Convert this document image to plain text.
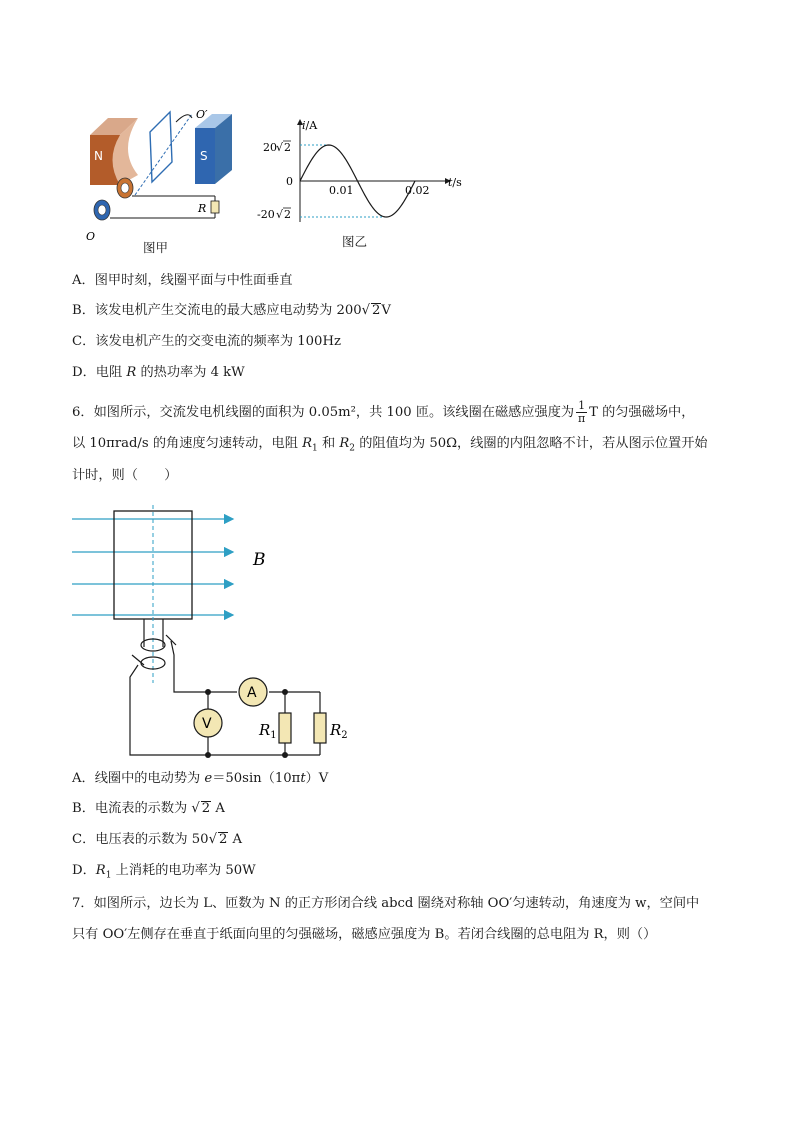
N
O′
S
R
O
图甲
i/A
t/s
0
20 √ 2
-20 √ 2
0.01	0.02
图乙
A．图甲时刻，线圈平面与中性面垂直
B．该发电机产生交流电的最大感应电动势为 200√ 2V
C．该发电机产生的交变电流的频率为 100Hz
D．电阻 R 的热功率为 4 kW
6．如图所示，交流发电机线圈的面积为 0.05m²，共 100 匝。该线圈在磁感应强度为 $\frac{1}{\pi}$ T 的匀强磁场中，
以 10πrad/s 的角速度匀速转动，电阻 $R_1$ 和 $R_2$ 的阻值均为 50Ω，线圈的内阻忽略不计，若从图示位置开始
计时，则（　　）
B
A
V	$R_1$	$R_2$
A．线圈中的电动势为 e＝50sin（10πt）V
B．电流表的示数为 √ 2 A
C．电压表的示数为 50√ 2 A
D．$R_1$ 上消耗的电功率为 50W
7．如图所示，边长为 L、匝数为 N 的正方形闭合线 abcd 圈绕对称轴 OO′匀速转动，角速度为 w，空间中
只有 OO′左侧存在垂直于纸面向里的匀强磁场，磁感应强度为 B。若闭合线圈的总电阻为 R，则（）
